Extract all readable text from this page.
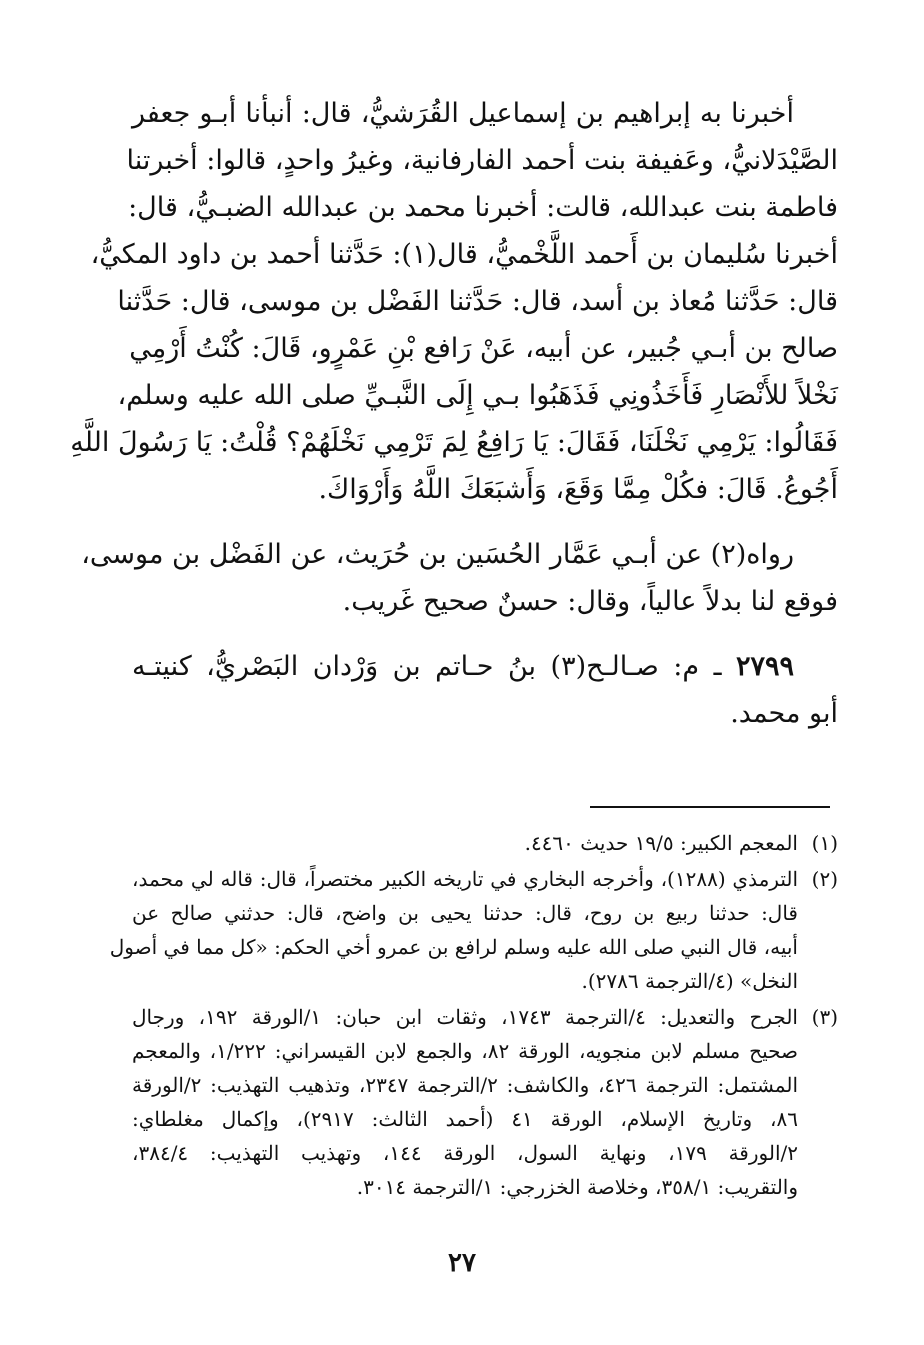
أخبرنا به إبراهيم بن إسماعيل القُرَشيُّ، قال: أنبأنا أبـو جعفر
الصَّيْدَلانيُّ، وعَفيفة بنت أحمد الفارفانية، وغيرُ واحدٍ، قالوا: أخبرتنا
فاطمة بنت عبدالله، قالت: أخبرنا محمد بن عبدالله الضبـيُّ، قال:
أخبرنا سُليمان بن أَحمد اللَّخْميُّ، قال(١): حَدَّثنا أحمد بن داود المكيُّ،
قال: حَدَّثنا مُعاذ بن أسد، قال: حَدَّثنا الفَضْل بن موسى، قال: حَدَّثنا
صالح بن أبـي جُبير، عن أبيه، عَنْ رَافع بْنِ عَمْرٍو، قَالَ: كُنْتُ أَرْمِي
نَخْلاً للأَنْصَارِ فَأَخَذُونِي فَذَهَبُوا بـي إِلَى النَّبـيِّ صلى الله عليه وسلم،
فَقَالُوا: يَرْمِي نَخْلَنَا، فَقَالَ: يَا رَافِعُ لِمَ تَرْمِي نَخْلَهُمْ؟ قُلْتُ: يَا رَسُولَ اللَّهِ
أَجُوعُ. قَالَ: فكُلْ مِمَّا وَقَعَ، وَأَشبَعَكَ اللَّهُ وَأَرْوَاكَ.
رواه(٢) عن أبـي عَمَّار الحُسَين بن حُرَيث، عن الفَضْل بن موسى،
فوقع لنا بدلاً عالياً، وقال: حسنٌ صحيح غَريب.
٢٧٩٩ ـ م: صـالـح(٣) بنُ حـاتم بن وَرْدان البَصْريُّ، كنيتـه
أبو محمد.
(١)
المعجم الكبير: ١٩/٥ حديث ٤٤٦٠.
(٢)
الترمذي (١٢٨٨)، وأخرجه البخاري في تاريخه الكبير مختصراً، قال: قاله لي محمد،
قال: حدثنا ربيع بن روح، قال: حدثنا يحيى بن واضح، قال: حدثني صالح عن
أبيه، قال النبي صلى الله عليه وسلم لرافع بن عمرو أخي الحكم: «كل مما في أصول
النخل» (٤/الترجمة ٢٧٨٦).
(٣)
الجرح والتعديل: ٤/الترجمة ١٧٤٣، وثقات ابن حبان: ١/الورقة ١٩٢، ورجال
صحيح مسلم لابن منجويه، الورقة ٨٢، والجمع لابن القيسراني: ١/٢٢٢، والمعجم
المشتمل: الترجمة ٤٢٦، والكاشف: ٢/الترجمة ٢٣٤٧، وتذهيب التهذيب: ٢/الورقة
٨٦، وتاريخ الإسلام، الورقة ٤١ (أحمد الثالث: ٢٩١٧)، وإكمال مغلطاي:
٢/الورقة ١٧٩، ونهاية السول، الورقة ١٤٤، وتهذيب التهذيب: ٣٨٤/٤،
والتقريب: ٣٥٨/١، وخلاصة الخزرجي: ١/الترجمة ٣٠١٤.
٢٧
